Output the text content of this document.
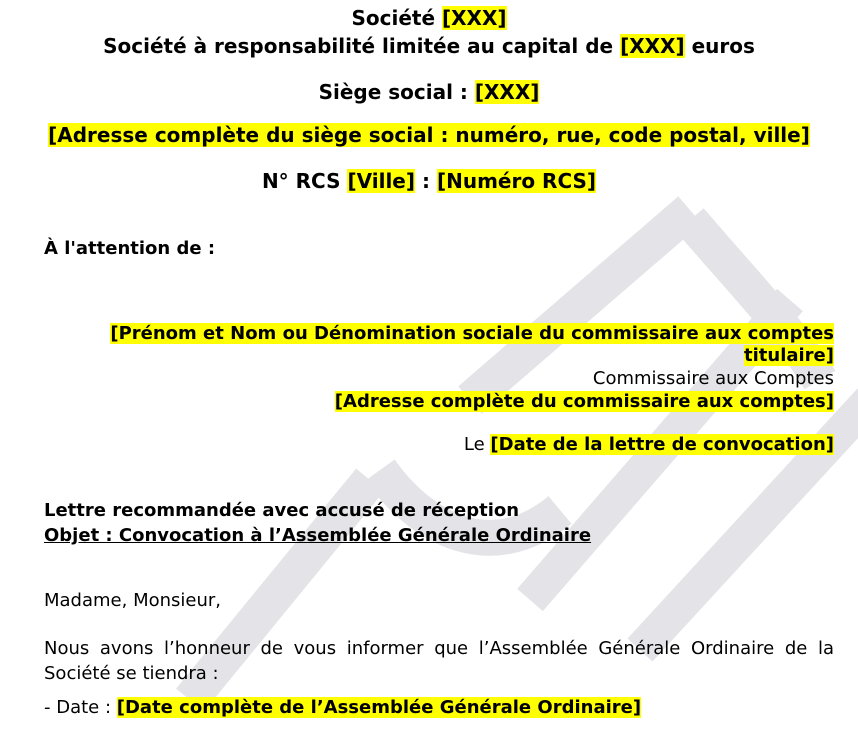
Société [XXX]
Société à responsabilité limitée au capital de [XXX] euros
Siège social : [XXX]
[Adresse complète du siège social : numéro, rue, code postal, ville]
N° RCS [Ville] : [Numéro RCS]
À l'attention de :
[Prénom et Nom ou Dénomination sociale du commissaire aux comptes
titulaire]
Commissaire aux Comptes
[Adresse complète du commissaire aux comptes]
Le [Date de la lettre de convocation]
Lettre recommandée avec accusé de réception
Objet : Convocation à l’Assemblée Générale Ordinaire
Madame, Monsieur,
Nous avons l’honneur de vous informer que l’Assemblée Générale Ordinaire de la Société se tiendra :
- Date : [Date complète de l’Assemblée Générale Ordinaire]
